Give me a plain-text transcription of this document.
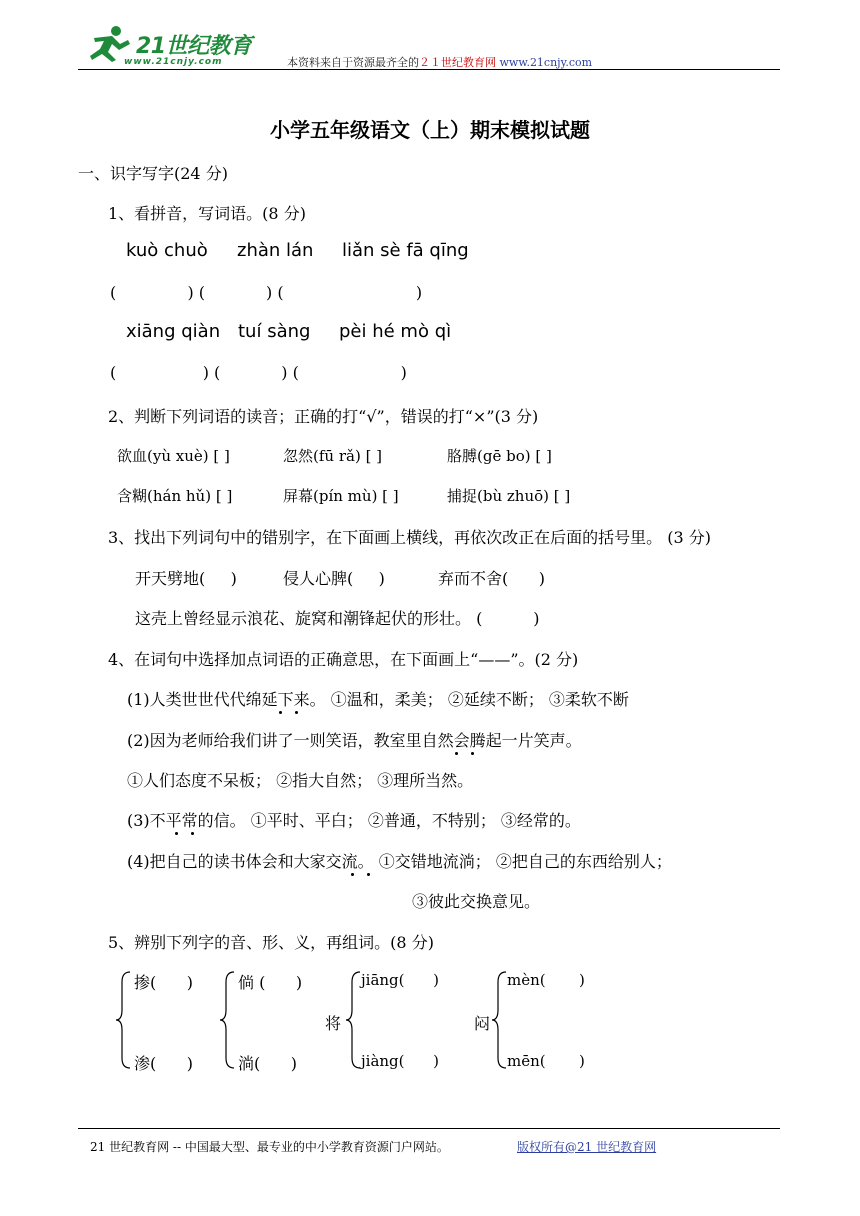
21世纪教育
www.21cnjy.com	本资料来自于资源最齐全的２１世纪教育网 www.21cnjy.com
小学五年级语文（上）期末模拟试题
一、识字写字(24 分)
1、看拼音，写词语。(8 分)
kuò chuò zhàn lán liǎn sè fā qīng
(              ) (            ) (                          )
xiāng qiàn tuí sàng pèi hé mò qì
(                 ) (            ) (                    )
2、判断下列词语的读音；正确的打“√”，错误的打“×”(3 分)
欲血(yù xuè) [ ]	忽然(fū rǎ) [ ]	胳膊(gē bo) [ ]
含糊(hán hǔ) [ ]	屏幕(pín mù) [ ]	捕捉(bù zhuō) [ ]
3、找出下列词句中的错别字，在下面画上横线，再依次改正在后面的括号里。 (3 分)
开天劈地(     )	侵人心脾(     )	弃而不舍(      )
这壳上曾经显示浪花、旋窝和潮锋起伏的形壮。 (          )
4、在词句中选择加点词语的正确意思，在下面画上“——”。(2 分)
(1)人类世世代代绵延下来。 ①温和，柔美； ②延续不断； ③柔软不断
(2)因为老师给我们讲了一则笑语，教室里自然会腾起一片笑声。
①人们态度不呆板； ②指大自然； ③理所当然。
(3)不平常的信。 ①平时、平白； ②普通，不特别； ③经常的。
(4)把自己的读书体会和大家交流。 ①交错地流淌； ②把自己的东西给别人；
③彼此交换意见。
5、辨别下列字的音、形、义，再组词。(8 分)
掺(      )
渗(      )
倘 (      )
淌(      )
将
jiāng(      )
jiàng(      )
闷
mèn(       )
mēn(       )
21 世纪教育网 -- 中国最大型、最专业的中小学教育资源门户网站。	版权所有@21 世纪教育网
